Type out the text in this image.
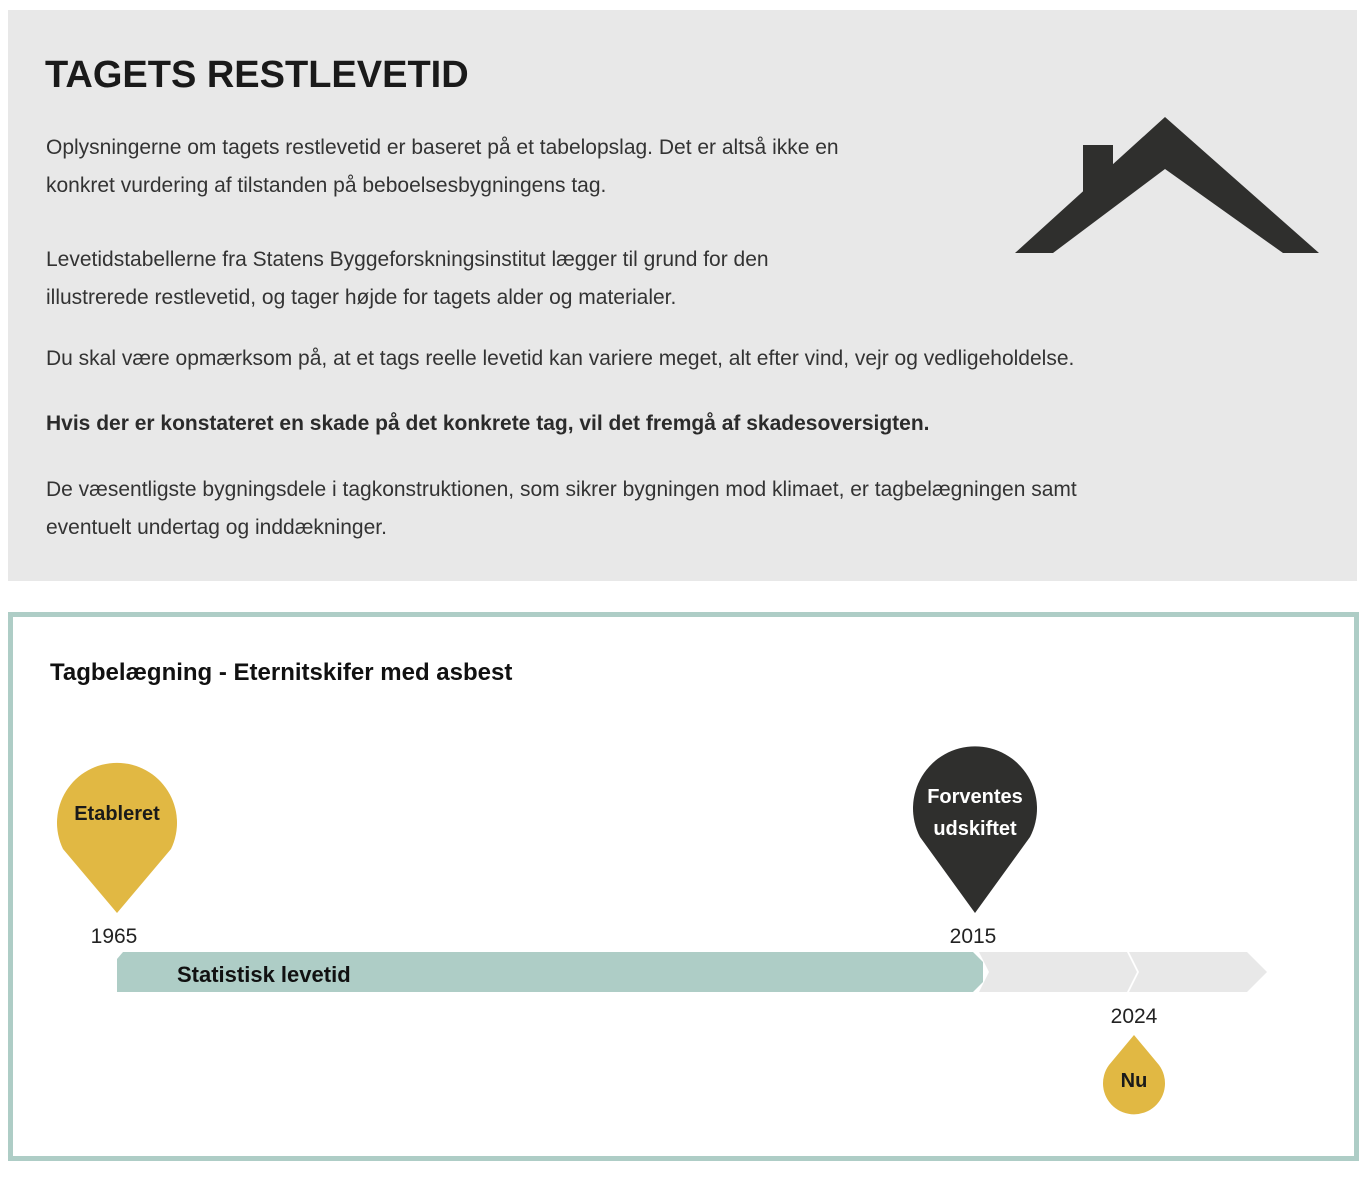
TAGETS RESTLEVETID

Oplysningerne om tagets restlevetid er baseret på et tabelopslag. Det er altså ikke en
konkret vurdering af tilstanden på beboelsesbygningens tag.

Levetidstabellerne fra Statens Byggeforskningsinstitut lægger til grund for den
illustrerede restlevetid, og tager højde for tagets alder og materialer.

Du skal være opmærksom på, at et tags reelle levetid kan variere meget, alt efter vind, vejr og vedligeholdelse.

Hvis der er konstateret en skade på det konkrete tag, vil det fremgå af skadesoversigten.

De væsentligste bygningsdele i tagkonstruktionen, som sikrer bygningen mod klimaet, er tagbelægningen samt
eventuelt undertag og inddækninger.

Tagbelægning - Eternitskifer med asbest
Statistisk levetid
Etableret
1965
Forventes
udskiftet
2015
2024
Nu
